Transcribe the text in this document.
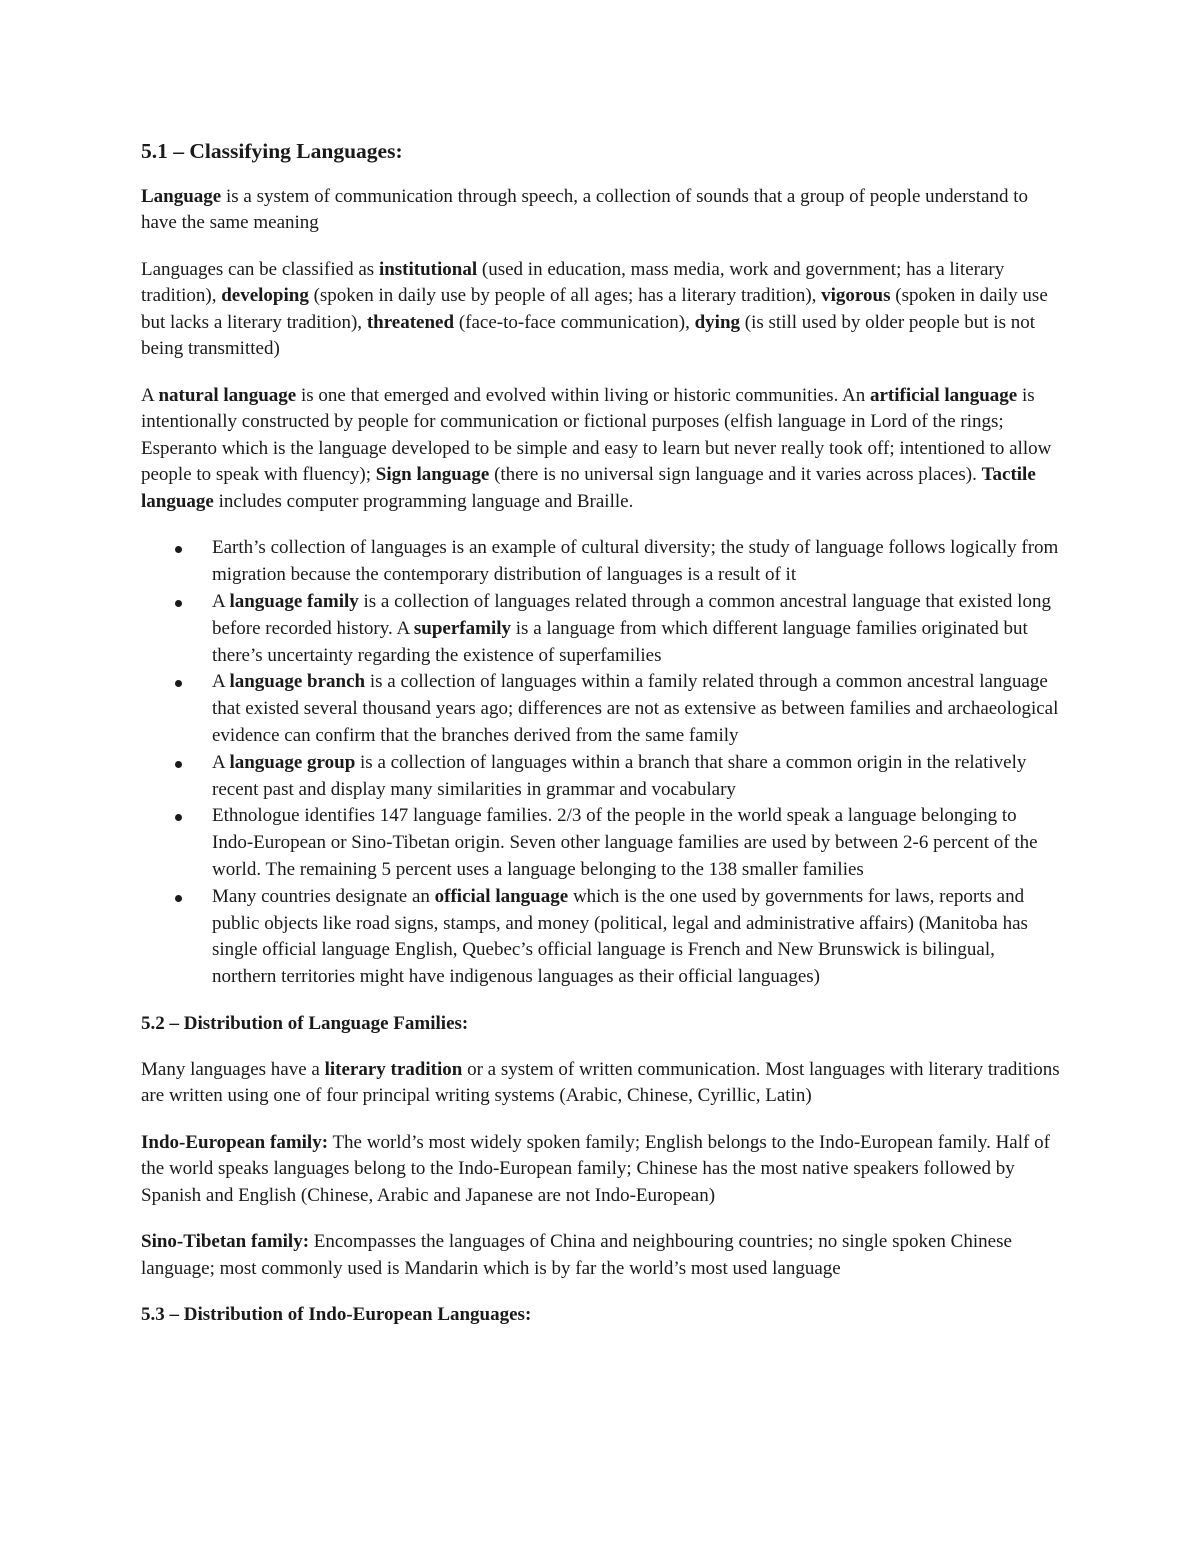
5.1 – Classifying Languages:

Language is a system of communication through speech, a collection of sounds that a group of people understand to have the same meaning

Languages can be classified as institutional (used in education, mass media, work and government; has a literary tradition), developing (spoken in daily use by people of all ages; has a literary tradition), vigorous (spoken in daily use but lacks a literary tradition), threatened (face-to-face communication), dying (is still used by older people but is not being transmitted)

A natural language is one that emerged and evolved within living or historic communities. An artificial language is intentionally constructed by people for communication or fictional purposes (elfish language in Lord of the rings; Esperanto which is the language developed to be simple and easy to learn but never really took off; intentioned to allow people to speak with fluency); Sign language (there is no universal sign language and it varies across places). Tactile language includes computer programming language and Braille.

Earth’s collection of languages is an example of cultural diversity; the study of language follows logically from migration because the contemporary distribution of languages is a result of it
A language family is a collection of languages related through a common ancestral language that existed long before recorded history. A superfamily is a language from which different language families originated but there’s uncertainty regarding the existence of superfamilies
A language branch is a collection of languages within a family related through a common ancestral language that existed several thousand years ago; differences are not as extensive as between families and archaeological evidence can confirm that the branches derived from the same family
A language group is a collection of languages within a branch that share a common origin in the relatively recent past and display many similarities in grammar and vocabulary
Ethnologue identifies 147 language families. 2/3 of the people in the world speak a language belonging to Indo-European or Sino-Tibetan origin. Seven other language families are used by between 2-6 percent of the world. The remaining 5 percent uses a language belonging to the 138 smaller families
Many countries designate an official language which is the one used by governments for laws, reports and public objects like road signs, stamps, and money (political, legal and administrative affairs) (Manitoba has single official language English, Quebec’s official language is French and New Brunswick is bilingual, northern territories might have indigenous languages as their official languages)
5.2 – Distribution of Language Families:

Many languages have a literary tradition or a system of written communication. Most languages with literary traditions are written using one of four principal writing systems (Arabic, Chinese, Cyrillic, Latin)

Indo-European family: The world’s most widely spoken family; English belongs to the Indo-European family. Half of the world speaks languages belong to the Indo-European family; Chinese has the most native speakers followed by Spanish and English (Chinese, Arabic and Japanese are not Indo-European)

Sino-Tibetan family: Encompasses the languages of China and neighbouring countries; no single spoken Chinese language; most commonly used is Mandarin which is by far the world’s most used language

5.3 – Distribution of Indo-European Languages:
